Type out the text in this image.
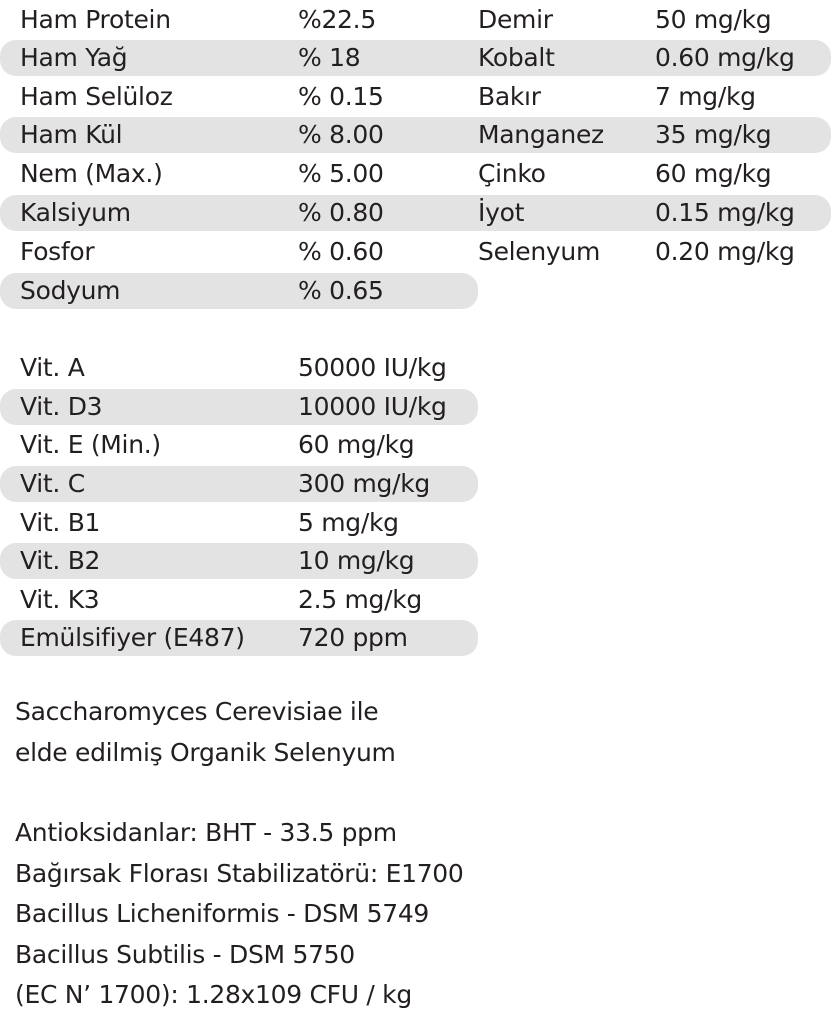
Ham Protein	%22.5	Demir	50 mg/kg
Ham Yağ	% 18	Kobalt	0.60 mg/kg
Ham Selüloz	% 0.15	Bakır	7 mg/kg
Ham Kül	% 8.00	Manganez 35 mg/kg
Nem (Max.)	% 5.00	Çinko	60 mg/kg
Kalsiyum	% 0.80	İyot	0.15 mg/kg
Fosfor	% 0.60	Selenyum 0.20 mg/kg
Sodyum	% 0.65
Vit. A	50000 IU/kg
Vit. D3	10000 IU/kg
Vit. E (Min.)	60 mg/kg
Vit. C	300 mg/kg
Vit. B1	5 mg/kg
Vit. B2	10 mg/kg
Vit. K3	2.5 mg/kg
Emülsifiyer (E487) 720 ppm
Saccharomyces Cerevisiae ile
elde edilmiş Organik Selenyum
Antioksidanlar: BHT - 33.5 ppm
Bağırsak Florası Stabilizatörü: E1700
Bacillus Licheniformis - DSM 5749
Bacillus Subtilis - DSM 5750
(EC N’ 1700): 1.28x109 CFU / kg
